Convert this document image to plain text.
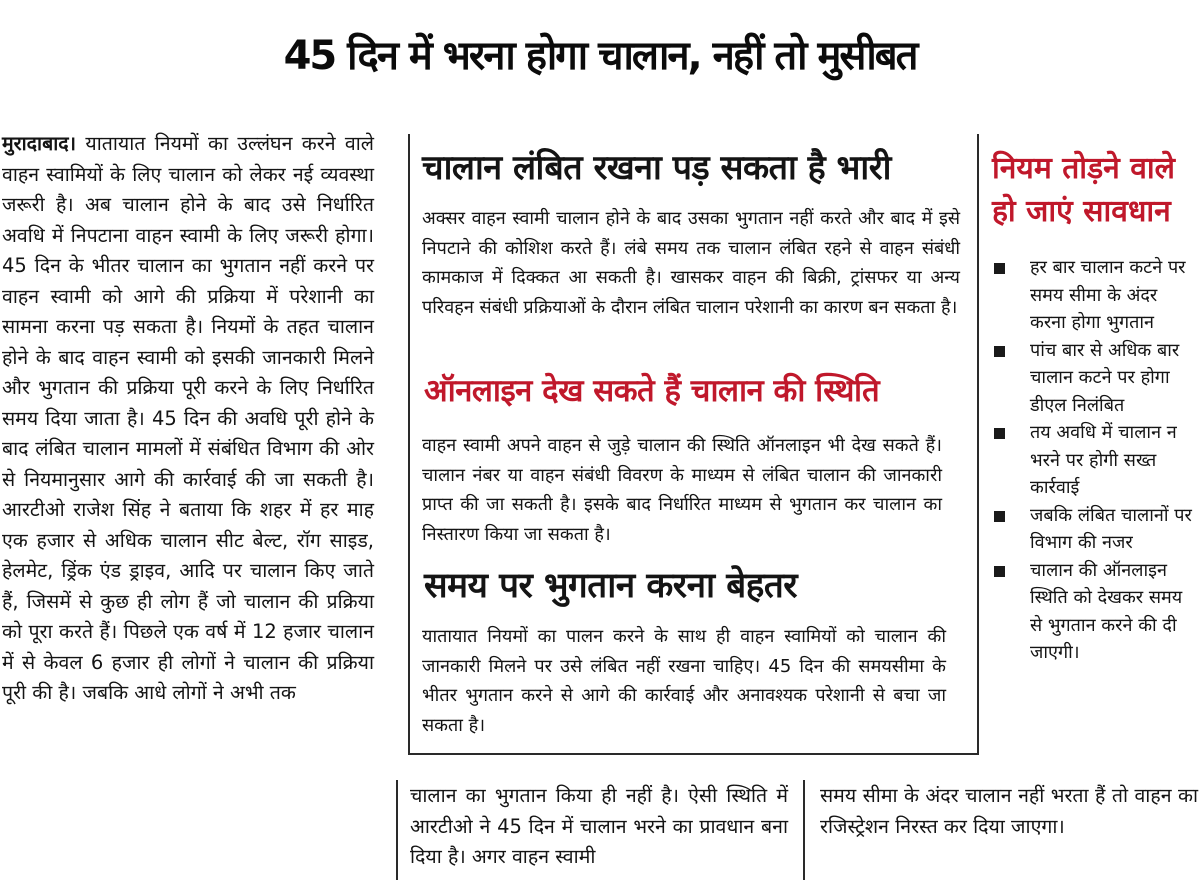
45 दिन में भरना होगा चालान, नहीं तो मुसीबत
मुरादाबाद। यातायात नियमों का उल्लंघन करने वाले वाहन स्वामियों के लिए चालान को लेकर नई व्यवस्था जरूरी है। अब चालान होने के बाद उसे निर्धारित अवधि में निपटाना वाहन स्वामी के लिए जरूरी होगा। 45 दिन के भीतर चालान का भुगतान नहीं करने पर वाहन स्वामी को आगे की प्रक्रिया में परेशानी का सामना करना पड़ सकता है। नियमों के तहत चालान होने के बाद वाहन स्वामी को इसकी जानकारी मिलने और भुगतान की प्रक्रिया पूरी करने के लिए निर्धारित समय दिया जाता है। 45 दिन की अवधि पूरी होने के बाद लंबित चालान मामलों में संबंधित विभाग की ओर से नियमानुसार आगे की कार्रवाई की जा सकती है। आरटीओ राजेश सिंह ने बताया कि शहर में हर माह एक हजार से अधिक चालान सीट बेल्ट, रॉग साइड, हेलमेट, ड्रिंक एंड ड्राइव, आदि पर चालान किए जाते हैं, जिसमें से कुछ ही लोग हैं जो चालान की प्रक्रिया को पूरा करते हैं। पिछले एक वर्ष में 12 हजार चालान में से केवल 6 हजार ही लोगों ने चालान की प्रक्रिया पूरी की है। जबकि आधे लोगों ने अभी तक
चालान लंबित रखना पड़ सकता है भारी
अक्सर वाहन स्वामी चालान होने के बाद उसका भुगतान नहीं करते और बाद में इसे निपटाने की कोशिश करते हैं। लंबे समय तक चालान लंबित रहने से वाहन संबंधी कामकाज में दिक्कत आ सकती है। खासकर वाहन की बिक्री, ट्रांसफर या अन्य परिवहन संबंधी प्रक्रियाओं के दौरान लंबित चालान परेशानी का कारण बन सकता है।
ऑनलाइन देख सकते हैं चालान की स्थिति
वाहन स्वामी अपने वाहन से जुड़े चालान की स्थिति ऑनलाइन भी देख सकते हैं। चालान नंबर या वाहन संबंधी विवरण के माध्यम से लंबित चालान की जानकारी प्राप्त की जा सकती है। इसके बाद निर्धारित माध्यम से भुगतान कर चालान का निस्तारण किया जा सकता है।
समय पर भुगतान करना बेहतर
यातायात नियमों का पालन करने के साथ ही वाहन स्वामियों को चालान की जानकारी मिलने पर उसे लंबित नहीं रखना चाहिए। 45 दिन की समयसीमा के भीतर भुगतान करने से आगे की कार्रवाई और अनावश्यक परेशानी से बचा जा सकता है।
नियम तोड़ने वाले हो जाएं सावधान
हर बार चालान कटने पर समय सीमा के अंदर करना होगा भुगतान
पांच बार से अधिक बार चालान कटने पर होगा डीएल निलंबित
तय अवधि में चालान न भरने पर होगी सख्त कार्रवाई
जबकि लंबित चालानों पर विभाग की नजर
चालान की ऑनलाइन स्थिति को देखकर समय से भुगतान करने की दी जाएगी।
चालान का भुगतान किया ही नहीं है। ऐसी स्थिति में आरटीओ ने 45 दिन में चालान भरने का प्रावधान बना दिया है। अगर वाहन स्वामी
समय सीमा के अंदर चालान नहीं भरता हैं तो वाहन का रजिस्ट्रेशन निरस्त कर दिया जाएगा।
